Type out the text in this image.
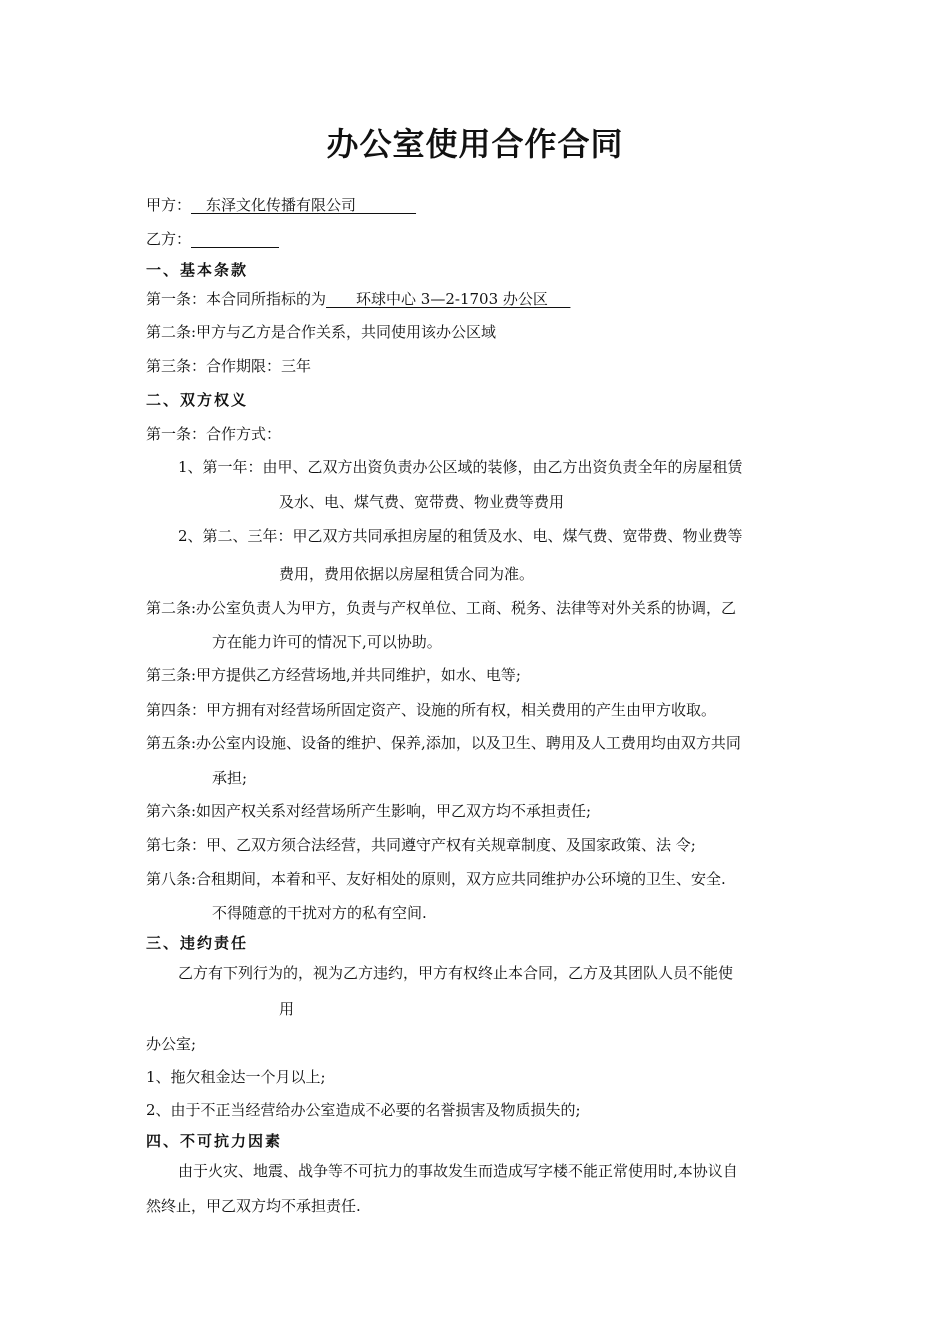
办公室使用合作合同
甲方：__东泽文化传播有限公司________
乙方：
一、基本条款
第一条：本合同所指标的为____环球中心 3—2-1703 办公区___
第二条:甲方与乙方是合作关系，共同使用该办公区域
第三条：合作期限：三年
二、双方权义
第一条：合作方式：
1、第一年：由甲、乙双方出资负责办公区域的装修，由乙方出资负责全年的房屋租赁
及水、电、煤气费、宽带费、物业费等费用
2、第二、三年：甲乙双方共同承担房屋的租赁及水、电、煤气费、宽带费、物业费等
费用，费用依据以房屋租赁合同为准。
第二条:办公室负责人为甲方，负责与产权单位、工商、税务、法律等对外关系的协调，乙
方在能力许可的情况下,可以协助。
第三条:甲方提供乙方经营场地,并共同维护，如水、电等;
第四条：甲方拥有对经营场所固定资产、设施的所有权，相关费用的产生由甲方收取。
第五条:办公室内设施、设备的维护、保养,添加，以及卫生、聘用及人工费用均由双方共同
承担;
第六条:如因产权关系对经营场所产生影响，甲乙双方均不承担责任;
第七条：甲、乙双方须合法经营，共同遵守产权有关规章制度、及国家政策、法 令;
第八条:合租期间，本着和平、友好相处的原则，双方应共同维护办公环境的卫生、安全.
不得随意的干扰对方的私有空间.
三、违约责任
乙方有下列行为的，视为乙方违约，甲方有权终止本合同，乙方及其团队人员不能使
用
办公室;
1、拖欠租金达一个月以上;
2、由于不正当经营给办公室造成不必要的名誉损害及物质损失的;
四、不可抗力因素
由于火灾、地震、战争等不可抗力的事故发生而造成写字楼不能正常使用时,本协议自
然终止，甲乙双方均不承担责任.
